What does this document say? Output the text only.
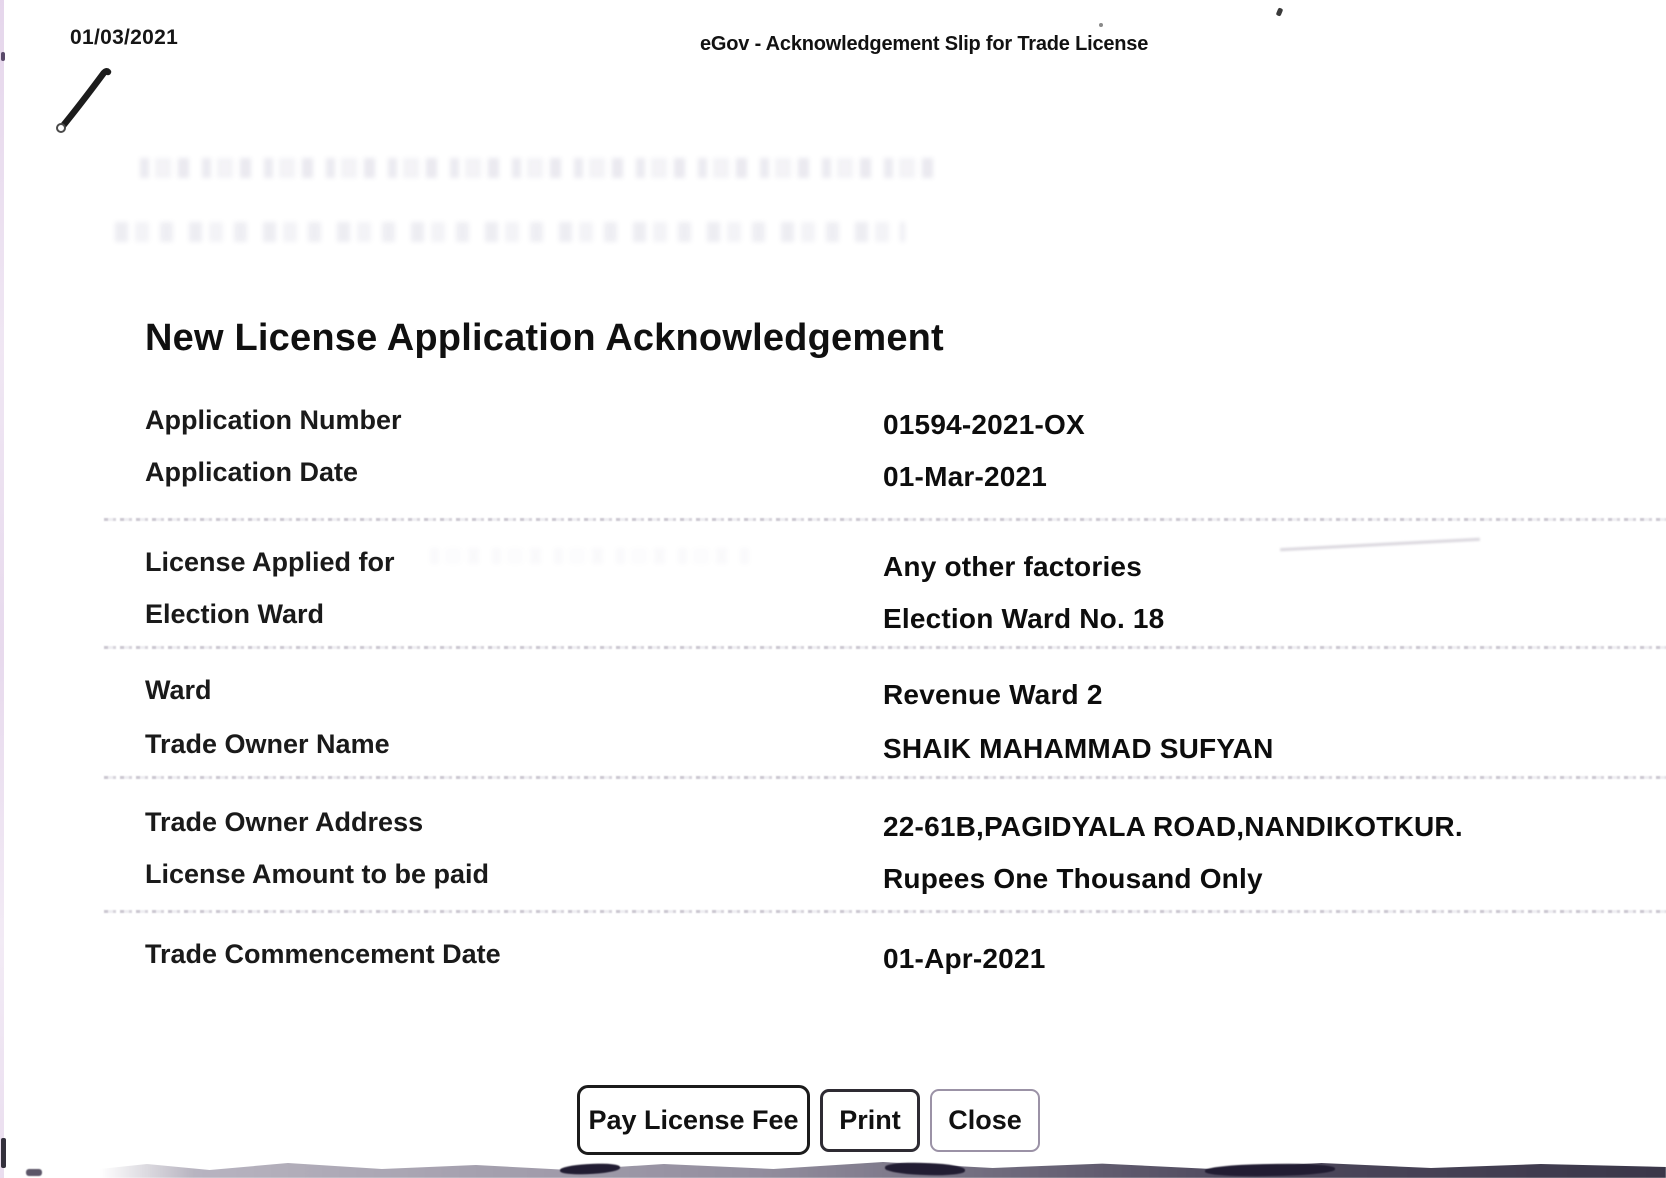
01/03/2021	eGov - Acknowledgement Slip for Trade License
New License Application Acknowledgement
Application Number	01594-2021-OX
Application Date	01-Mar-2021
License Applied for	Any other factories
Election Ward	Election Ward No. 18
Ward	Revenue Ward 2
Trade Owner Name	SHAIK MAHAMMAD SUFYAN
Trade Owner Address	22-61B,PAGIDYALA ROAD,NANDIKOTKUR.
License Amount to be paid	Rupees One Thousand Only
Trade Commencement Date	01-Apr-2021
Pay License Fee	Print	Close
